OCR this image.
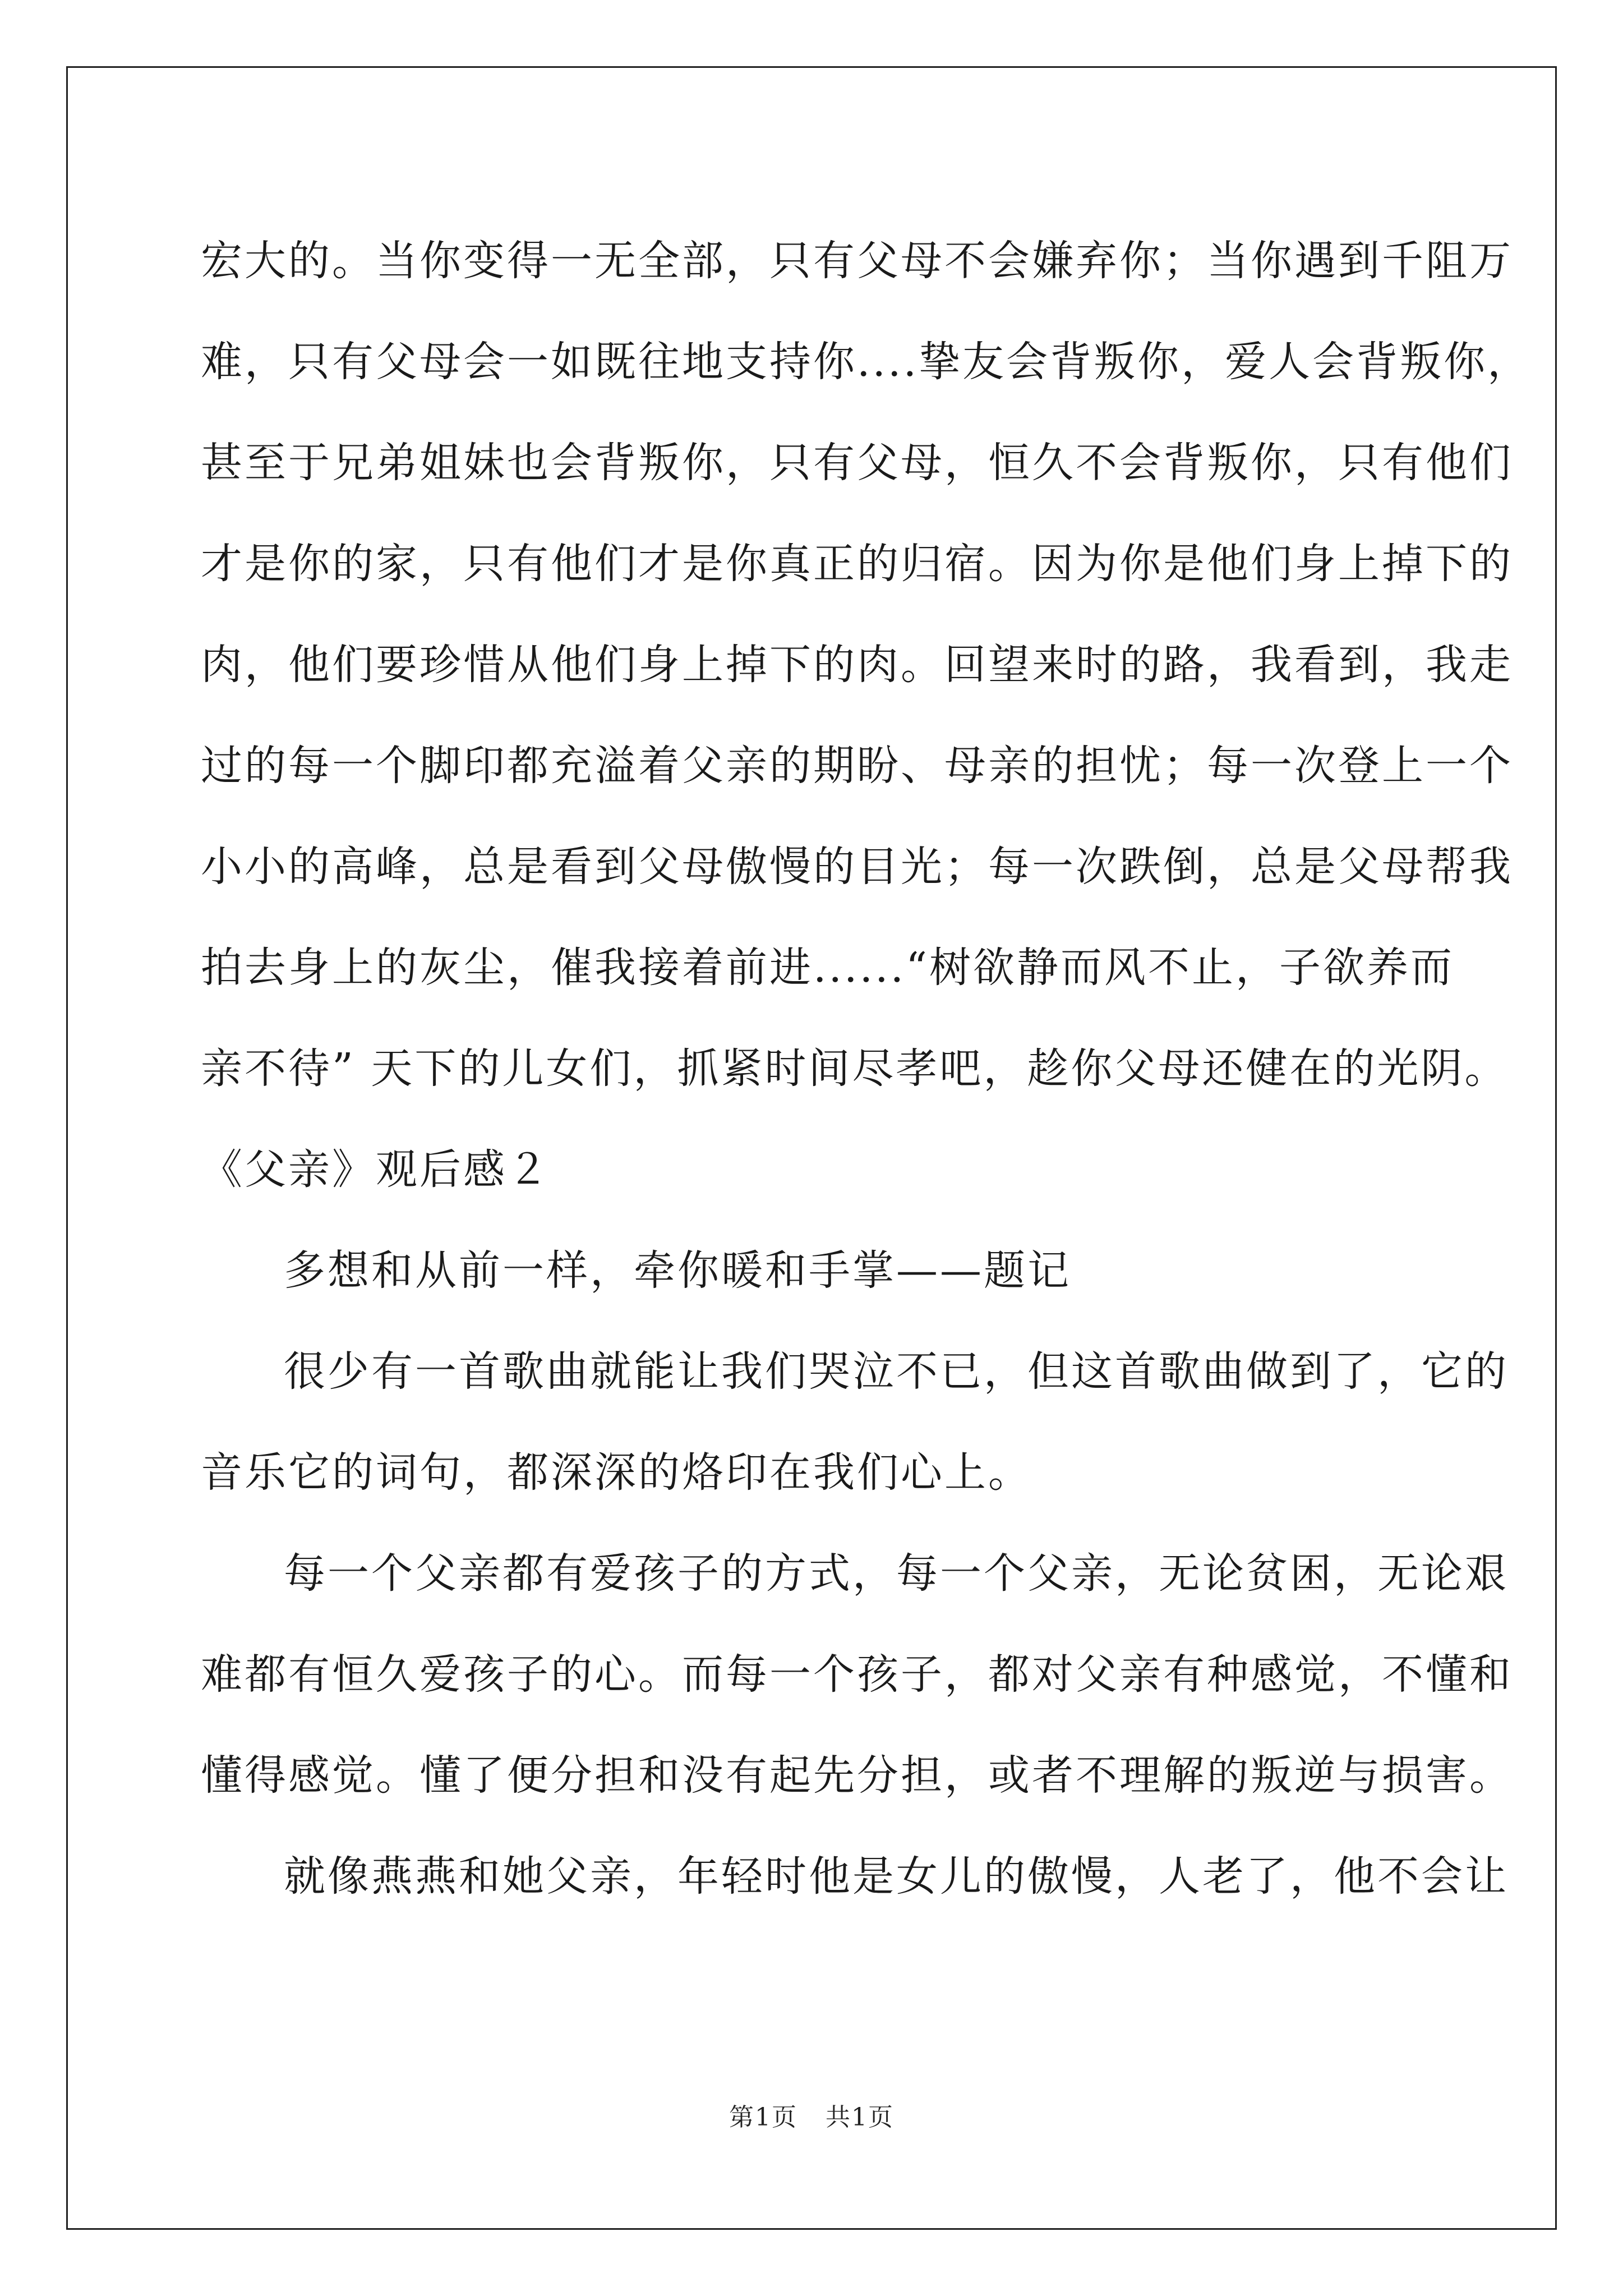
宏大的。当你变得一无全部，只有父母不会嫌弃你；当你遇到千阻万
难，只有父母会一如既往地支持你....挚友会背叛你，爱人会背叛你，
甚至于兄弟姐妹也会背叛你，只有父母，恒久不会背叛你，只有他们
才是你的家，只有他们才是你真正的归宿。因为你是他们身上掉下的
肉，他们要珍惜从他们身上掉下的肉。回望来时的路，我看到，我走
过的每一个脚印都充溢着父亲的期盼、母亲的担忧；每一次登上一个
小小的高峰，总是看到父母傲慢的目光；每一次跌倒，总是父母帮我
拍去身上的灰尘，催我接着前进......“树欲静而风不止，子欲养而
亲不待” 天下的儿女们，抓紧时间尽孝吧，趁你父母还健在的光阴。
《父亲》观后感２
多想和从前一样，牵你暖和手掌——题记
很少有一首歌曲就能让我们哭泣不已，但这首歌曲做到了，它的
音乐它的词句，都深深的烙印在我们心上。
每一个父亲都有爱孩子的方式，每一个父亲，无论贫困，无论艰
难都有恒久爱孩子的心。而每一个孩子，都对父亲有种感觉，不懂和
懂得感觉。懂了便分担和没有起先分担，或者不理解的叛逆与损害。
就像燕燕和她父亲，年轻时他是女儿的傲慢，人老了，他不会让
第1页 共1页
